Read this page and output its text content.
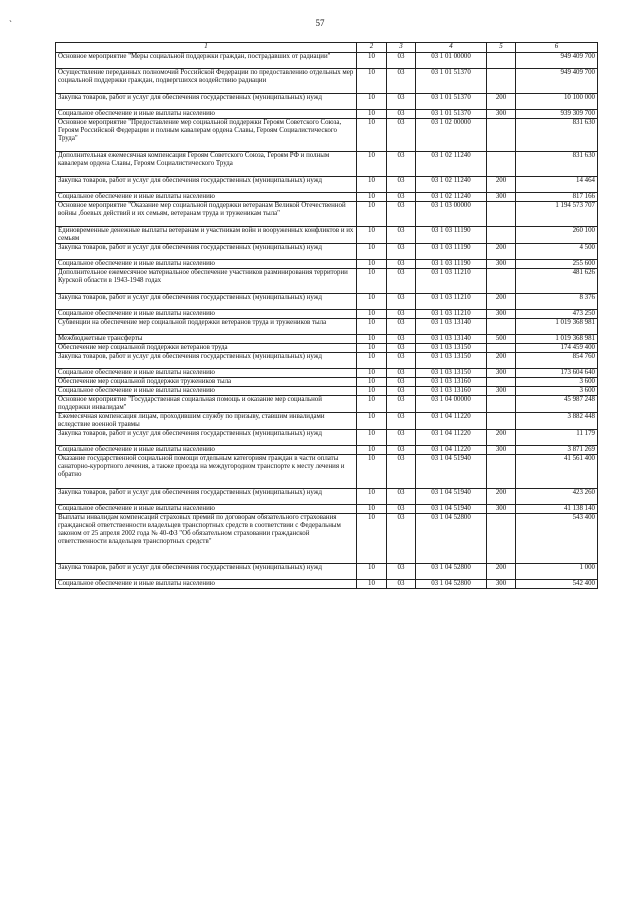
ˎ
57
1	2	3	4	5	6
Основное мероприятие "Меры социальной поддержки граждан, пострадавших от радиации"	10	03	03 1 01 00000		949 409 700
Осуществление переданных полномочий Российской Федерации по предоставлению отдельных мер социальной поддержки граждан, подвергшихся воздействию радиации	10	03	03 1 01 51370		949 409 700
Закупка товаров, работ и услуг для обеспечения государственных (муниципальных) нужд	10	03	03 1 01 51370	200	10 100 000
Социальное обеспечение и иные выплаты населению	10	03	03 1 01 51370	300	939 309 700
Основное мероприятие "Предоставление мер социальной поддержки Героям Советского Союза, Героям Российской Федерации и полным кавалерам ордена Славы, Героям Социалистического Труда"	10	03	03 1 02 00000		831 630
Дополнительная ежемесячная компенсация Героям Советского Союза, Героям РФ и полным кавалерам ордена Славы, Героям Социалистического Труда	10	03	03 1 02 11240		831 630
Закупка товаров, работ и услуг для обеспечения государственных (муниципальных) нужд	10	03	03 1 02 11240	200	14 464
Социальное обеспечение и иные выплаты населению	10	03	03 1 02 11240	300	817 166
Основное мероприятие "Оказание мер социальной поддержки ветеранам Великой Отечественной войны ,боевых действий и их семьям, ветеранам труда и труженикам тыла"	10	03	03 1 03 00000		1 194 573 707
Единовременные денежные выплаты ветеранам и участникам войн и вооруженных конфликтов и их семьям	10	03	03 1 03 11190		260 100
Закупка товаров, работ и услуг для обеспечения государственных (муниципальных) нужд	10	03	03 1 03 11190	200	4 500
Социальное обеспечение и иные выплаты населению	10	03	03 1 03 11190	300	255 600
Дополнительное ежемесячное материальное обеспечение участников разминирования территории Курской области в 1943-1948 годах	10	03	03 1 03 11210		481 626
Закупка товаров, работ и услуг для обеспечения государственных (муниципальных) нужд	10	03	03 1 03 11210	200	8 376
Социальное обеспечение и иные выплаты населению	10	03	03 1 03 11210	300	473 250
Субвенции на обеспечение мер социальной поддержки ветеранов труда и тружеников тыла	10	03	03 1 03 13140		1 019 368 981
Межбюджетные трансферты	10	03	03 1 03 13140	500	1 019 368 981
Обеспечение мер социальной поддержки ветеранов труда	10	03	03 1 03 13150		174 459 400
Закупка товаров, работ и услуг для обеспечения государственных (муниципальных) нужд	10	03	03 1 03 13150	200	854 760
Социальное обеспечение и иные выплаты населению	10	03	03 1 03 13150	300	173 604 640
Обеспечение мер социальной поддержки тружеников тыла	10	03	03 1 03 13160		3 600
Социальное обеспечение и иные выплаты населению	10	03	03 1 03 13160	300	3 600
Основное мероприятие "Государственная социальная помощь и оказание мер социальной поддержки инвалидам"	10	03	03 1 04 00000		45 987 248
Ежемесячная компенсация лицам, проходившим службу по призыву, ставшим инвалидами вследствие военной травмы	10	03	03 1 04 11220		3 882 448
Закупка товаров, работ и услуг для обеспечения государственных (муниципальных) нужд	10	03	03 1 04 11220	200	11 179
Социальное обеспечение и иные выплаты населению	10	03	03 1 04 11220	300	3 871 269
Оказание государственной социальной помощи отдельным категориям граждан в части оплаты санаторно-курортного лечения, а также проезда на междугородном транспорте к месту лечения и обратно	10	03	03 1 04 51940		41 561 400
Закупка товаров, работ и услуг для обеспечения государственных (муниципальных) нужд	10	03	03 1 04 51940	200	423 260
Социальное обеспечение и иные выплаты населению	10	03	03 1 04 51940	300	41 138 140
Выплаты инвалидам компенсаций страховых премий по договорам обязательного страхования гражданской ответственности владельцев транспортных средств в соответствии с Федеральным законом от 25 апреля 2002 года № 40-ФЗ "Об обязательном страховании гражданской ответственности владельцев транспортных средств"	10	03	03 1 04 52800		543 400
Закупка товаров, работ и услуг для обеспечения государственных (муниципальных) нужд	10	03	03 1 04 52800	200	1 000
Социальное обеспечение и иные выплаты населению	10	03	03 1 04 52800	300	542 400
